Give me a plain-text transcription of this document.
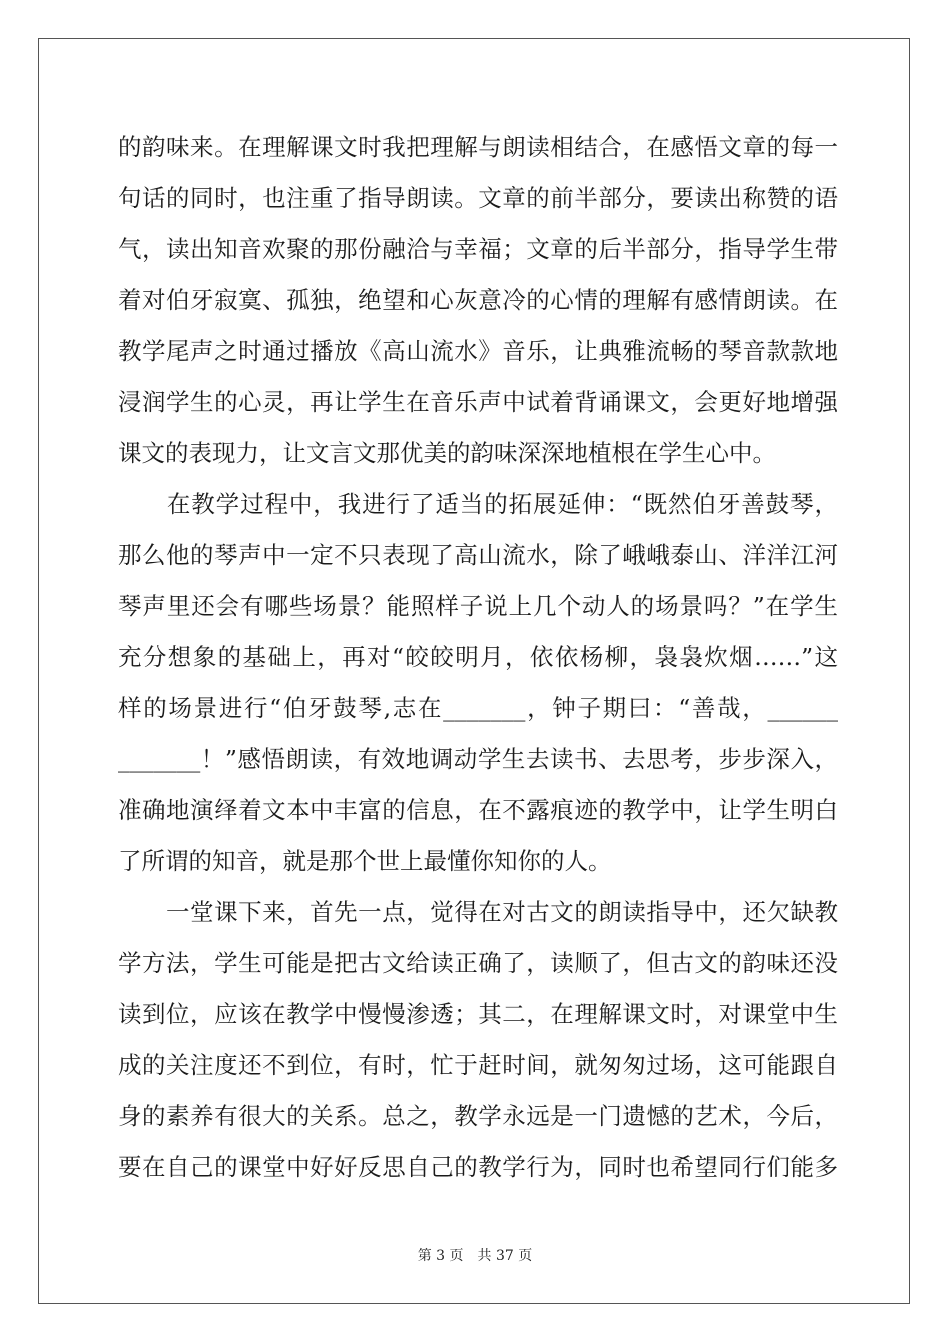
的韵味来。在理解课文时我把理解与朗读相结合，在感悟文章的每一
句话的同时，也注重了指导朗读。文章的前半部分，要读出称赞的语
气，读出知音欢聚的那份融洽与幸福；文章的后半部分，指导学生带
着对伯牙寂寞、孤独，绝望和心灰意冷的心情的理解有感情朗读。在
教学尾声之时通过播放《高山流水》音乐，让典雅流畅的琴音款款地
浸润学生的心灵，再让学生在音乐声中试着背诵课文，会更好地增强
课文的表现力，让文言文那优美的韵味深深地植根在学生心中。
　　在教学过程中，我进行了适当的拓展延伸：“既然伯牙善鼓琴，
那么他的琴声中一定不只表现了高山流水，除了峨峨泰山、洋洋江河
琴声里还会有哪些场景？能照样子说上几个动人的场景吗？”在学生
充分想象的基础上，再对“皎皎明月，依依杨柳，袅袅炊烟……”这
样的场景进行“伯牙鼓琴,志在_______，钟子期曰：“善哉，______
_______！”感悟朗读，有效地调动学生去读书、去思考，步步深入，
准确地演绎着文本中丰富的信息，在不露痕迹的教学中，让学生明白
了所谓的知音，就是那个世上最懂你知你的人。
　　一堂课下来，首先一点，觉得在对古文的朗读指导中，还欠缺教
学方法，学生可能是把古文给读正确了，读顺了，但古文的韵味还没
读到位，应该在教学中慢慢渗透；其二，在理解课文时，对课堂中生
成的关注度还不到位，有时，忙于赶时间，就匆匆过场，这可能跟自
身的素养有很大的关系。总之，教学永远是一门遗憾的艺术，今后，
要在自己的课堂中好好反思自己的教学行为，同时也希望同行们能多
第 3 页　共 37 页
